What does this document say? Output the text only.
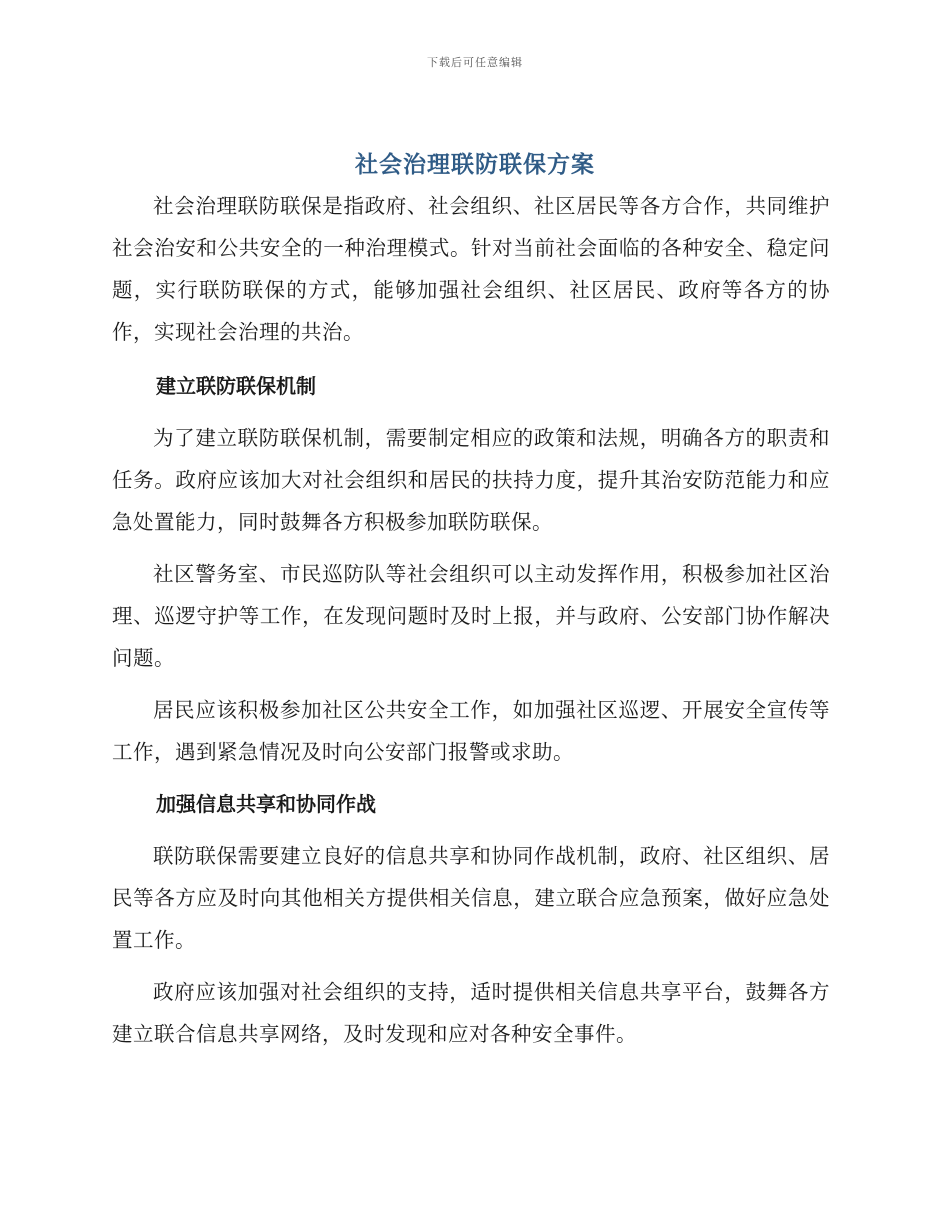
下载后可任意编辑
社会治理联防联保方案

社会治理联防联保是指政府、社会组织、社区居民等各方合作，共同维护社会治安和公共安全的一种治理模式。针对当前社会面临的各种安全、稳定问题，实行联防联保的方式，能够加强社会组织、社区居民、政府等各方的协作，实现社会治理的共治。

建立联防联保机制

为了建立联防联保机制，需要制定相应的政策和法规，明确各方的职责和任务。政府应该加大对社会组织和居民的扶持力度，提升其治安防范能力和应急处置能力，同时鼓舞各方积极参加联防联保。

社区警务室、市民巡防队等社会组织可以主动发挥作用，积极参加社区治理、巡逻守护等工作，在发现问题时及时上报，并与政府、公安部门协作解决问题。

居民应该积极参加社区公共安全工作，如加强社区巡逻、开展安全宣传等工作，遇到紧急情况及时向公安部门报警或求助。

加强信息共享和协同作战

联防联保需要建立良好的信息共享和协同作战机制，政府、社区组织、居民等各方应及时向其他相关方提供相关信息，建立联合应急预案，做好应急处置工作。

政府应该加强对社会组织的支持，适时提供相关信息共享平台，鼓舞各方建立联合信息共享网络，及时发现和应对各种安全事件。
